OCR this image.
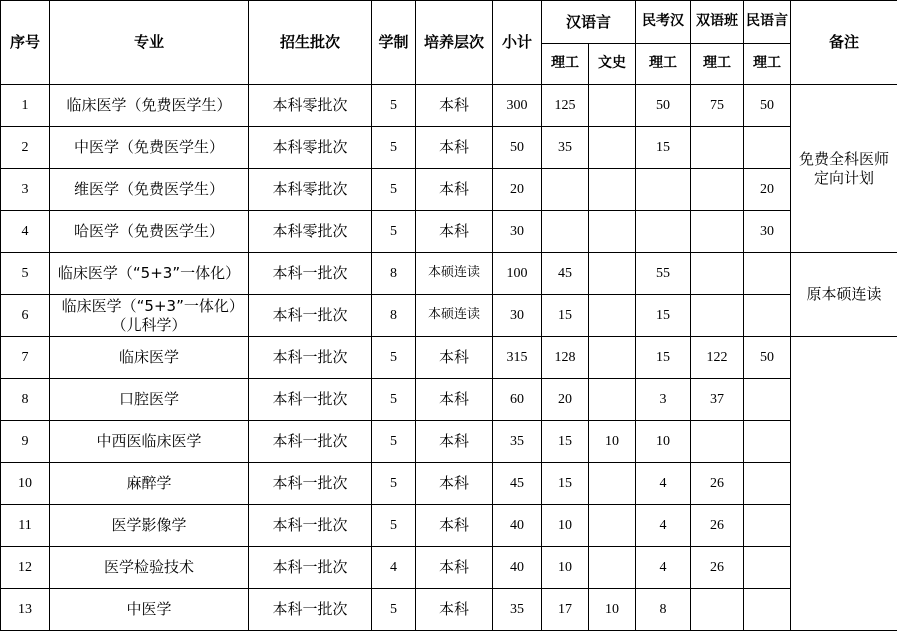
序号	专业	招生批次	学制	培养层次	小计	汉语言		民考汉	双语班	民语言	备注
						理工	文史	理工	理工	理工	
1	临床医学（免费医学生）	本科零批次	5	本科	300	125		50	75	50	免费全科医师定向计划
2	中医学（免费医学生）	本科零批次	5	本科	50	35		15			
3	维医学（免费医学生）	本科零批次	5	本科	20					20	
4	哈医学（免费医学生）	本科零批次	5	本科	30					30	
5	临床医学（“5+3”一体化）	本科一批次	8	本硕连读	100	45		55			原本硕连读
6	临床医学（“5+3”一体化）（儿科学）	本科一批次	8	本硕连读	30	15		15			
7	临床医学	本科一批次	5	本科	315	128		15	122	50	
8	口腔医学	本科一批次	5	本科	60	20		3	37		
9	中西医临床医学	本科一批次	5	本科	35	15	10	10			
10	麻醉学	本科一批次	5	本科	45	15		4	26		
11	医学影像学	本科一批次	5	本科	40	10		4	26		
12	医学检验技术	本科一批次	4	本科	40	10		4	26		
13	中医学	本科一批次	5	本科	35	17	10	8			
